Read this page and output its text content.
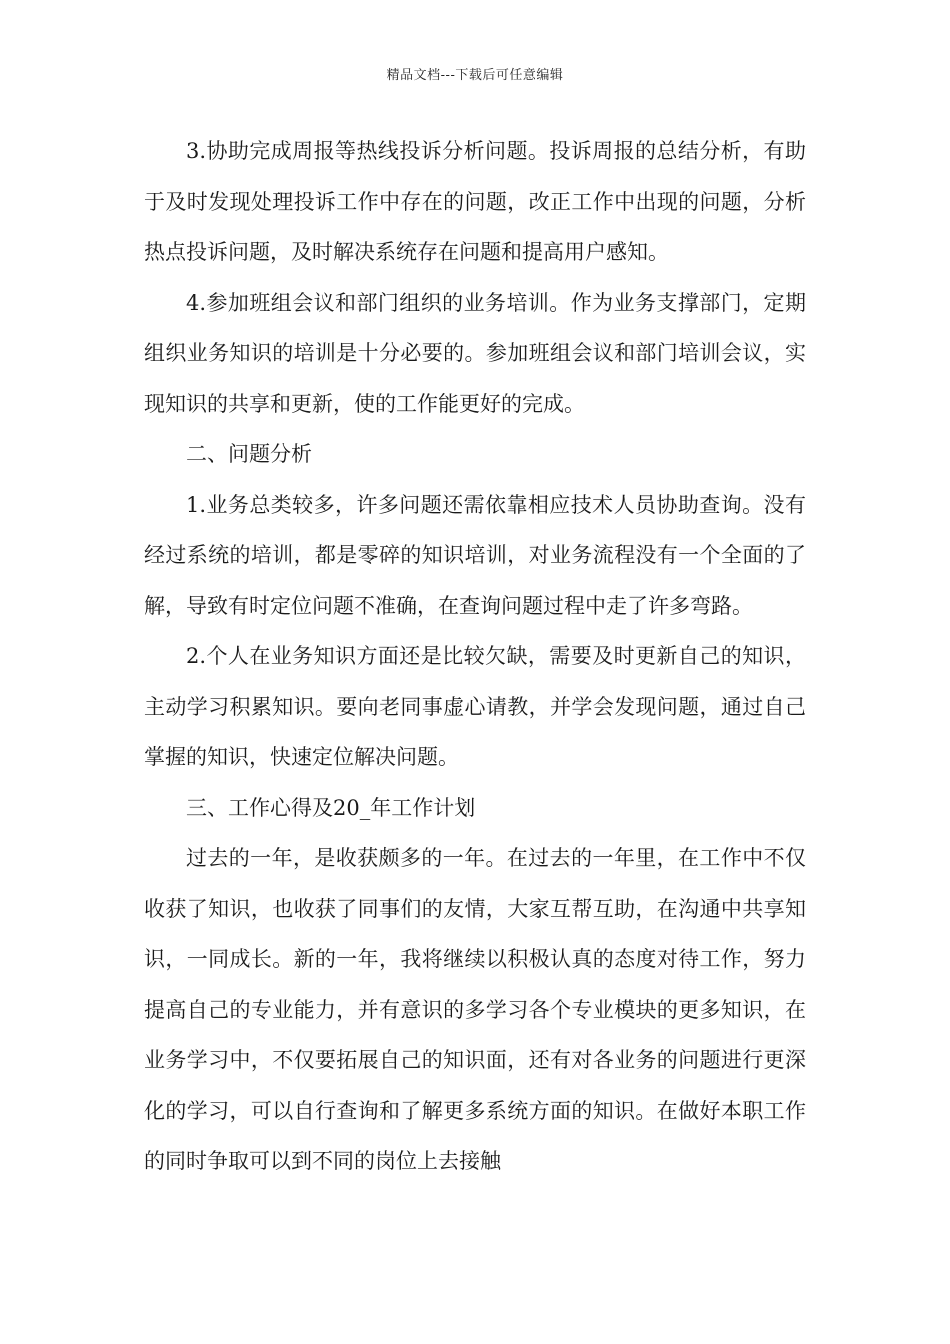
精品文档---下载后可任意编辑

3.协助完成周报等热线投诉分析问题。投诉周报的总结分析，有助于及时发现处理投诉工作中存在的问题，改正工作中出现的问题，分析热点投诉问题，及时解决系统存在问题和提高用户感知。

4.参加班组会议和部门组织的业务培训。作为业务支撑部门，定期组织业务知识的培训是十分必要的。参加班组会议和部门培训会议，实现知识的共享和更新，使的工作能更好的完成。

二、问题分析

1.业务总类较多，许多问题还需依靠相应技术人员协助查询。没有经过系统的培训，都是零碎的知识培训，对业务流程没有一个全面的了解，导致有时定位问题不准确，在查询问题过程中走了许多弯路。

2.个人在业务知识方面还是比较欠缺，需要及时更新自己的知识，主动学习积累知识。要向老同事虚心请教，并学会发现问题，通过自己掌握的知识，快速定位解决问题。

三、工作心得及20_年工作计划

过去的一年，是收获颇多的一年。在过去的一年里，在工作中不仅收获了知识，也收获了同事们的友情，大家互帮互助，在沟通中共享知识，一同成长。新的一年，我将继续以积极认真的态度对待工作，努力提高自己的专业能力，并有意识的多学习各个专业模块的更多知识，在业务学习中，不仅要拓展自己的知识面，还有对各业务的问题进行更深化的学习，可以自行查询和了解更多系统方面的知识。在做好本职工作的同时争取可以到不同的岗位上去接触
